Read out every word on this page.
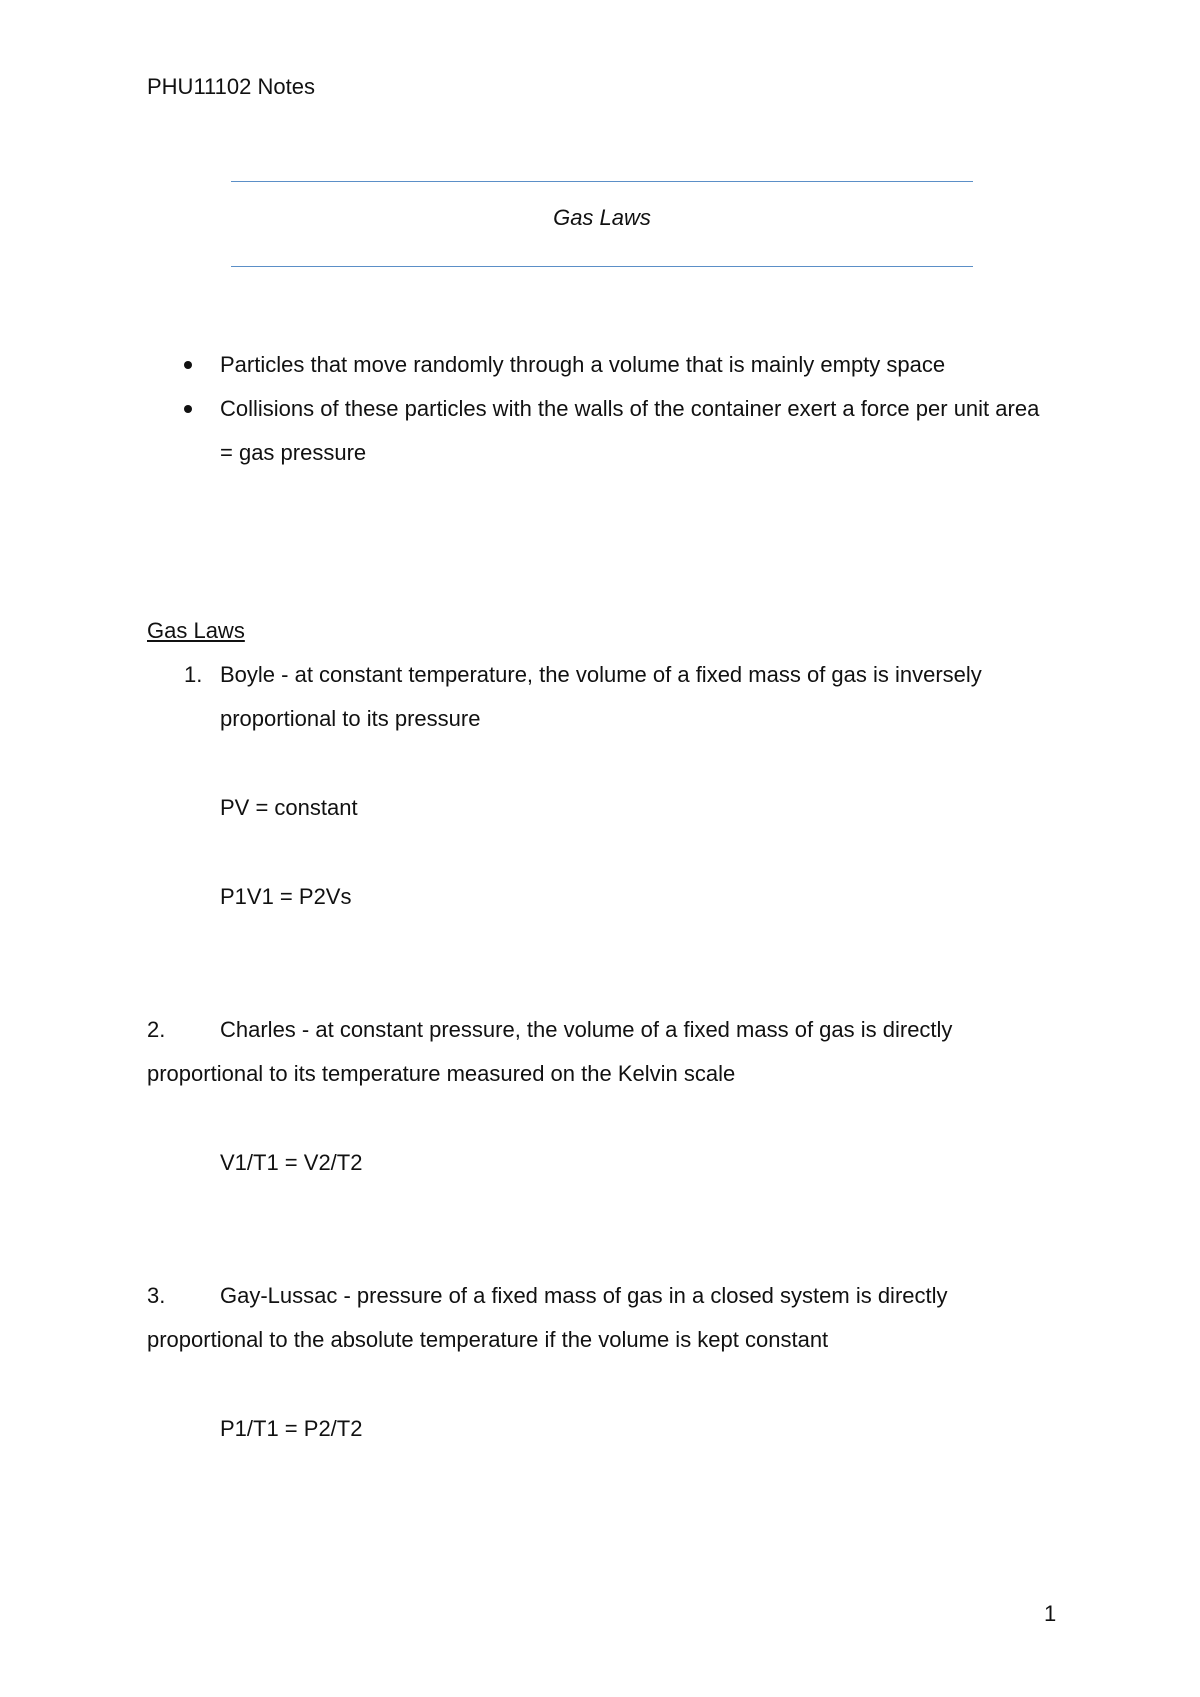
PHU11102 Notes
Gas Laws
Particles that move randomly through a volume that is mainly empty space
Collisions of these particles with the walls of the container exert a force per unit area
= gas pressure
Gas Laws
1. Boyle - at constant temperature, the volume of a fixed mass of gas is inversely
proportional to its pressure
PV = constant
P1V1 = P2Vs
2. Charles - at constant pressure, the volume of a fixed mass of gas is directly
proportional to its temperature measured on the Kelvin scale
V1/T1 = V2/T2
3. Gay-Lussac - pressure of a fixed mass of gas in a closed system is directly
proportional to the absolute temperature if the volume is kept constant
P1/T1 = P2/T2
1
